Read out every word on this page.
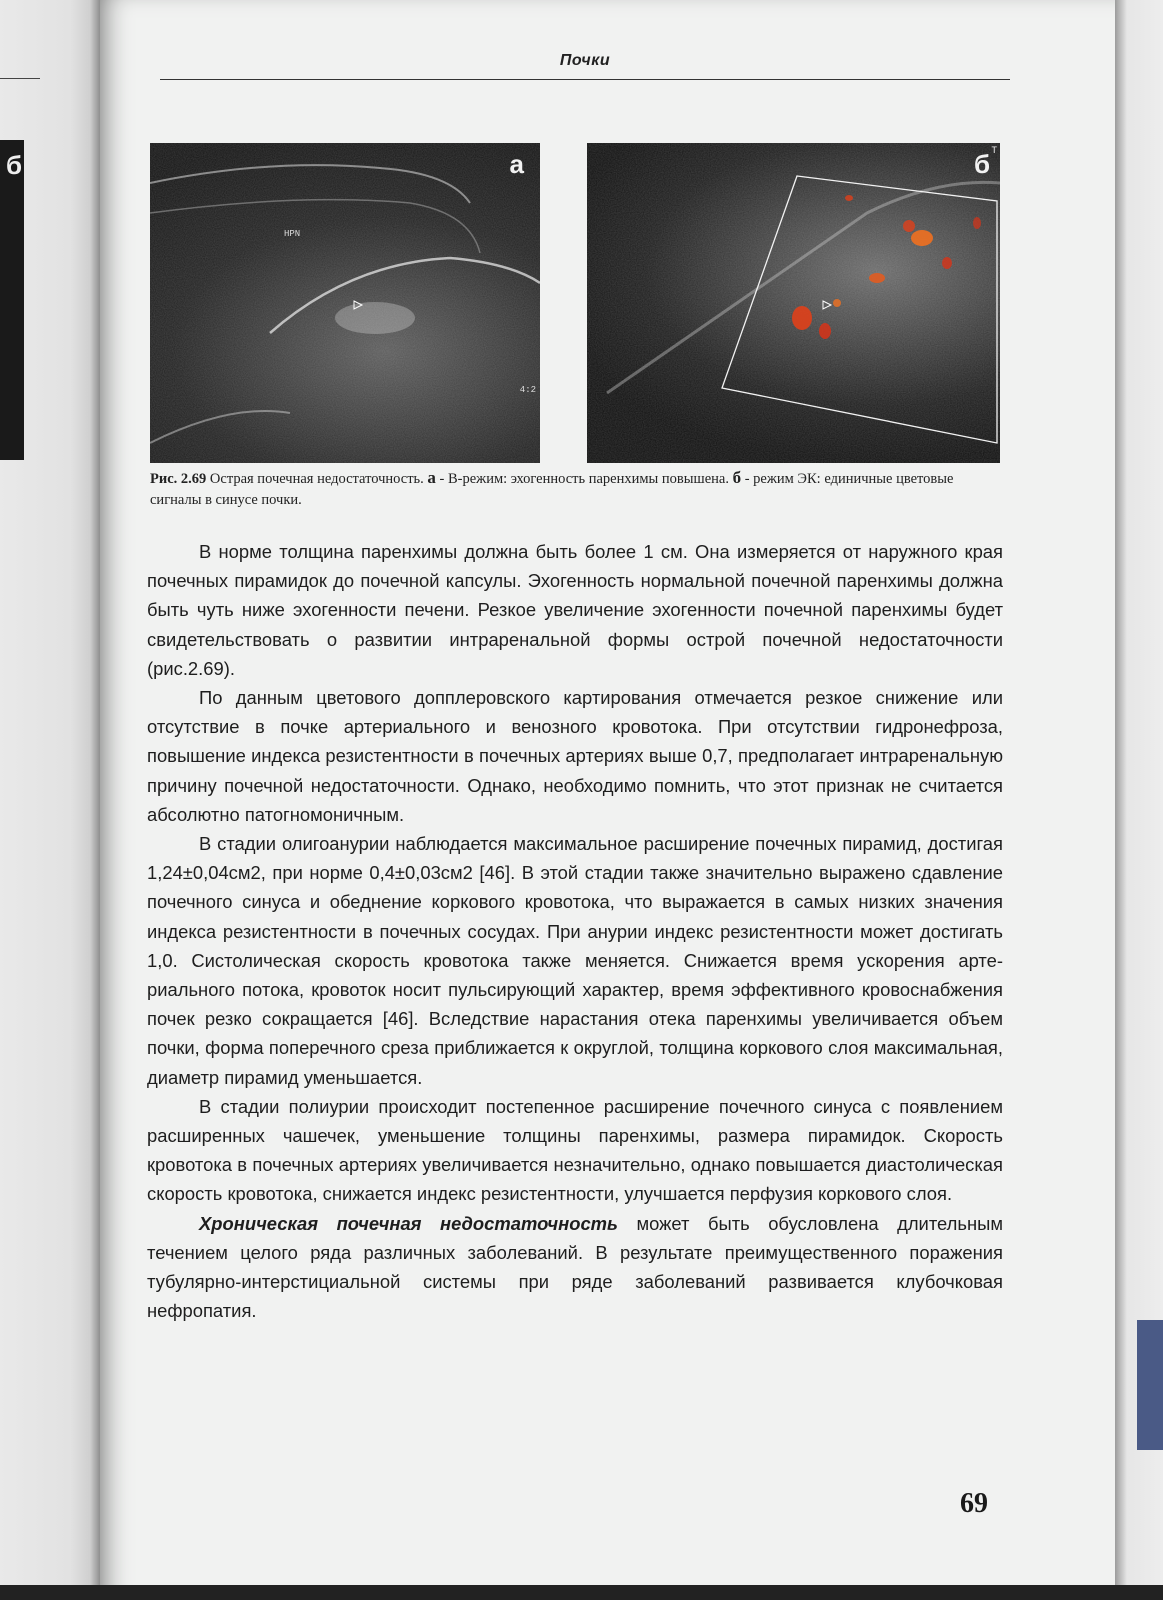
б
Почки
а
HPN
4:2
б T
Рис. 2.69 Острая почечная недостаточность. а - В-режим: эхогенность паренхимы повышена. б - режим ЭК: единичные цветовые сигналы в синусе почки.

В норме толщина паренхимы должна быть более 1 см. Она измеряется от наружного края почечных пирамидок до почечной капсулы. Эхогенность нормальной почечной паренхимы должна быть чуть ниже эхогенности печени. Резкое увеличение эхогенности почечной паренхимы будет свидетельствовать о развитии интраренальной формы острой почечной недостаточности (рис.2.69).

По данным цветового допплеровского картирования отмечается резкое снижение или отсутствие в почке артериального и венозного кровотока. При отсутствии гидронефроза, повышение индекса резистентности в почечных артериях выше 0,7, предполагает интраренальную причину почечной недостаточности. Однако, необходимо помнить, что этот признак не считается абсолютно патогномоничным.

В стадии олигоанурии наблюдается максимальное расширение почечных пирамид, достигая 1,24±0,04см2, при норме 0,4±0,03см2 [46]. В этой стадии также значительно выражено сдавление почечного синуса и обеднение коркового кровотока, что выражается в самых низких значения индекса резистентности в почечных сосудах. При анурии индекс резистентности может достигать 1,0. Систолическая скорость кровотока также меняется. Снижается время ускорения артериального потока, кровоток носит пульсирующий характер, время эффективного кровоснабжения почек резко сокращается [46]. Вследствие нарастания отека паренхимы увеличивается объем почки, форма поперечного среза приближается к округлой, толщина коркового слоя максимальная, диаметр пирамид уменьшается.

В стадии полиурии происходит постепенное расширение почечного синуса с появлением расширенных чашечек, уменьшение толщины паренхимы, размера пирамидок. Скорость кровотока в почечных артериях увеличивается незначительно, однако повышается диастолическая скорость кровотока, снижается индекс резистентности, улучшается перфузия коркового слоя.

Хроническая почечная недостаточность может быть обусловлена длительным течением целого ряда различных заболеваний. В результате преимущественного поражения тубулярно-интерстициальной системы при ряде заболеваний развивается клубочковая нефропатия.

69
